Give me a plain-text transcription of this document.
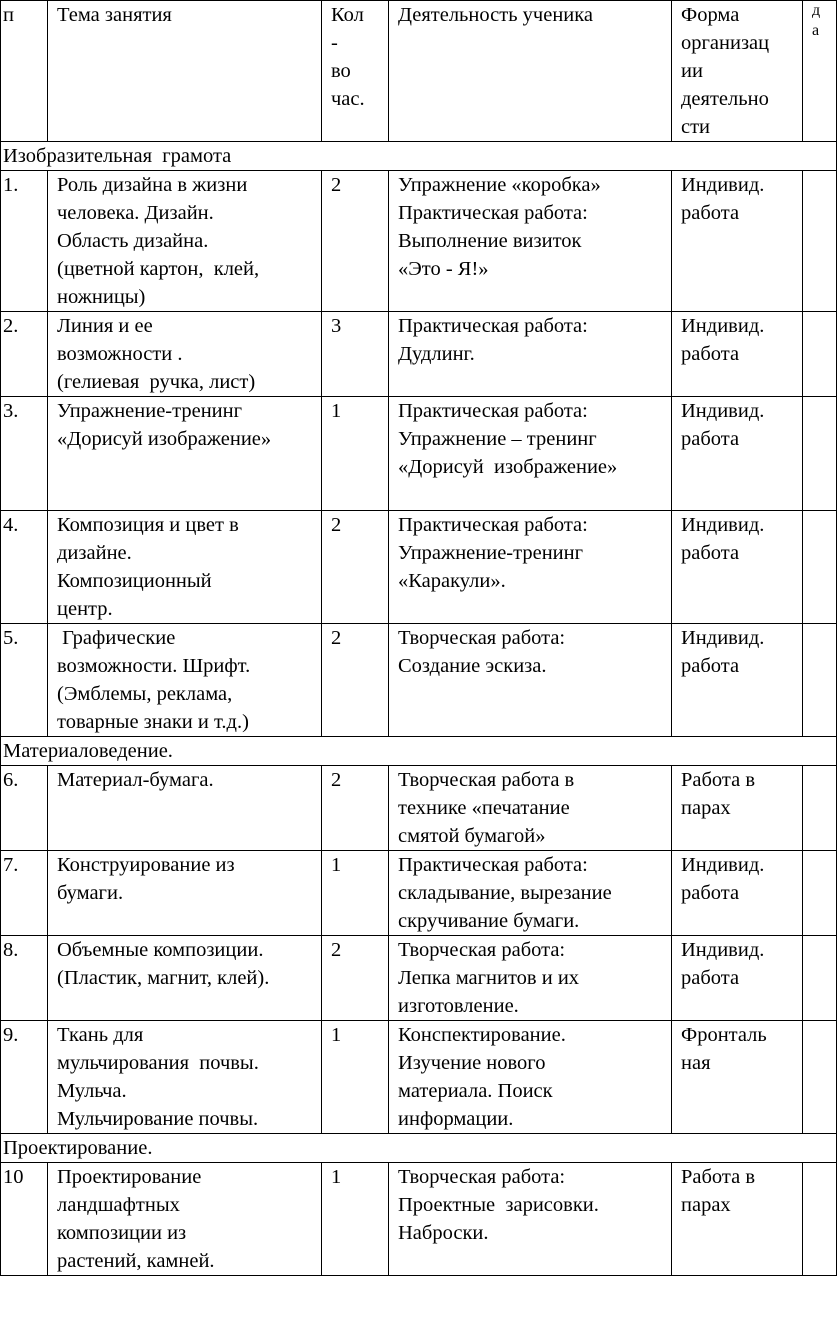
п	Тема занятия	Кол
-
во
час.	Деятельность ученика	Форма
организац
ии
деятельно
сти	д
а
Изобразительная  грамота					
1.	Роль дизайна в жизни
человека. Дизайн.
Область дизайна.
(цветной картон,  клей,
ножницы)	2	Упражнение «коробка»
Практическая работа:
Выполнение визиток
«Это - Я!»	Индивид.
работа	
2.	Линия и ее
возможности .
(гелиевая  ручка, лист)	3	Практическая работа:
Дудлинг.	Индивид.
работа	
3.	Упражнение-тренинг
«Дорисуй изображение»	1	Практическая работа:
Упражнение – тренинг
«Дорисуй  изображение»	Индивид.
работа	
4.	Композиция и цвет в
дизайне.
Композиционный
центр.	2	Практическая работа:
Упражнение-тренинг
«Каракули».	Индивид.
работа	
5.	Графические
возможности. Шрифт.
(Эмблемы, реклама,
товарные знаки и т.д.)	2	Творческая работа:
Создание эскиза.	Индивид.
работа	
Материаловедение.					
6.	Материал-бумага.	2	Творческая работа в
технике «печатание
смятой бумагой»	Работа в
парах	
7.	Конструирование из
бумаги.	1	Практическая работа:
складывание, вырезание
скручивание бумаги.	Индивид.
работа	
8.	Объемные композиции.
(Пластик, магнит, клей).	2	Творческая работа:
Лепка магнитов и их
изготовление.	Индивид.
работа	
9.	Ткань для
мульчирования  почвы.
Мульча.
Мульчирование почвы.	1	Конспектирование.
Изучение нового
материала. Поиск
информации.	Фронталь
ная	
Проектирование.					
10	Проектирование
ландшафтных
композиции из
растений, камней.	1	Творческая работа:
Проектные  зарисовки.
Наброски.	Работа в
парах	
